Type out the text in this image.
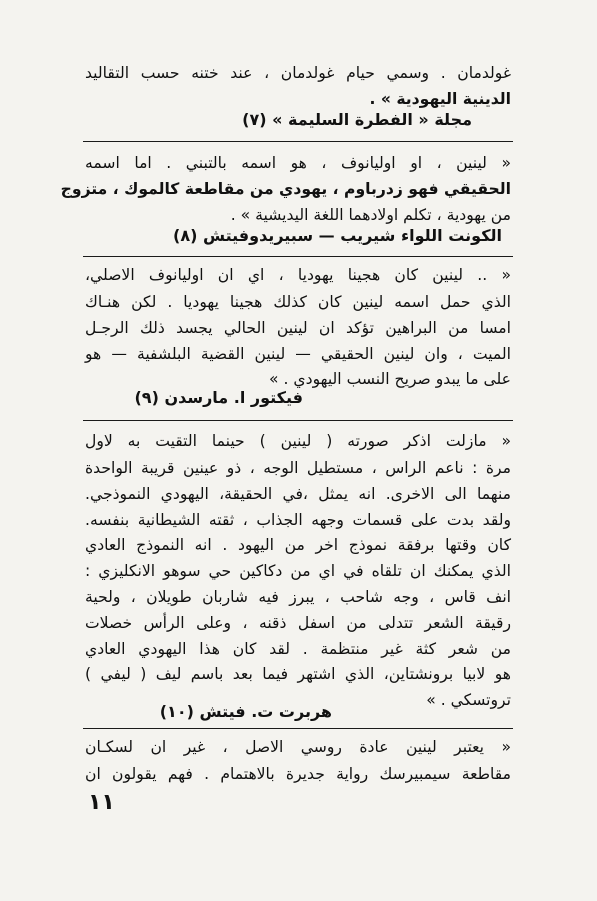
غولدمان . وسمي حيام غولدمان ، عند ختنه حسب التقاليد
الدينية اليهودية » .
مجلة « الفطرة السليمة » (٧)
« لينين ، او اوليانوف ، هو اسمه بالتبني . اما اسمه
الحقيقي فهو زدرباوم ، يهودي من مقاطعة كالموك ، متزوج
من يهودية ، تكلم اولادهما اللغة اليديشية » .
الكونت اللواء شيريب — سبيريدوفيتش (٨)
« .. لينين كان هجينا يهوديا ، اي ان اوليانوف الاصلي،
الذي حمل اسمه لينين كان كذلك هجينا يهوديا . لكن هنـاك
امسا من البراهين تؤكد ان لينين الحالي يجسد ذلك الرجـل
الميت ، وان لينين الحقيقي — لينين القضية البلشفية — هو
على ما يبدو صريح النسب اليهودي . »
فيكتور ا. مارسدن (٩)
« مازلت اذكر صورته ( لينين ) حينما التقيت به لاول
مرة : ناعم الراس ، مستطيل الوجه ، ذو عينين قريبة الواحدة
منهما الى الاخرى. انه يمثل ،في الحقيقة، اليهودي النموذجي.
ولقد بدت على قسمات وجهه الجذاب ، ثقته الشيطانية بنفسه.
كان وقتها برفقة نموذج اخر من اليهود . انه النموذج العادي
الذي يمكنك ان تلقاه في اي من دكاكين حي سوهو الانكليزي :
انف قاس ، وجه شاحب ، يبرز فيه شاربان طويلان ، ولحية
رقيقة الشعر تتدلى من اسفل ذقنه ، وعلى الرأس خصلات
من شعر كثة غير منتظمة . لقد كان هذا اليهودي العادي
هو لابيا برونشتاين، الذي اشتهر فيما بعد باسم ليف ( ليفي )
تروتسكي . »
هربرت ت. فيتش (١٠)
« يعتبر لينين عادة روسي الاصل ، غير ان لسكـان
مقاطعة سيمبيرسك رواية جديرة بالاهتمام . فهم يقولون ان
١١
